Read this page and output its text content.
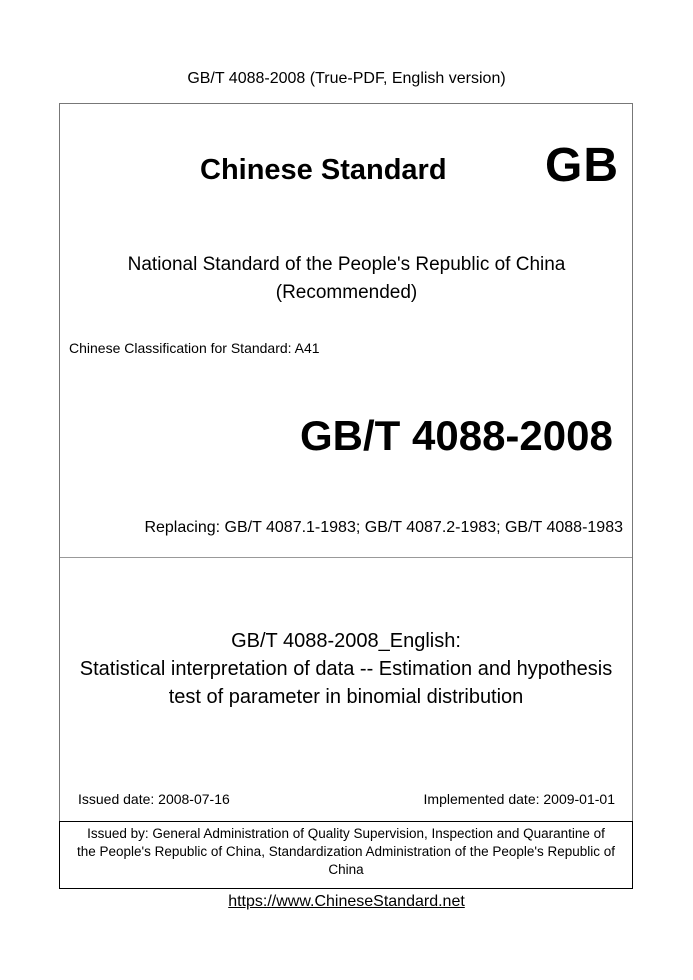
GB/T 4088-2008 (True-PDF, English version)
Chinese Standard GB
National Standard of the People's Republic of China
(Recommended)
Chinese Classification for Standard: A41
GB/T 4088-2008
Replacing: GB/T 4087.1-1983; GB/T 4087.2-1983; GB/T 4088-1983
GB/T 4088-2008_English:
Statistical interpretation of data -- Estimation and hypothesis
test of parameter in binomial distribution
Issued date: 2008-07-16	Implemented date: 2009-01-01
Issued by: General Administration of Quality Supervision, Inspection and Quarantine of
the People's Republic of China, Standardization Administration of the People's Republic of
China
https://www.ChineseStandard.net
